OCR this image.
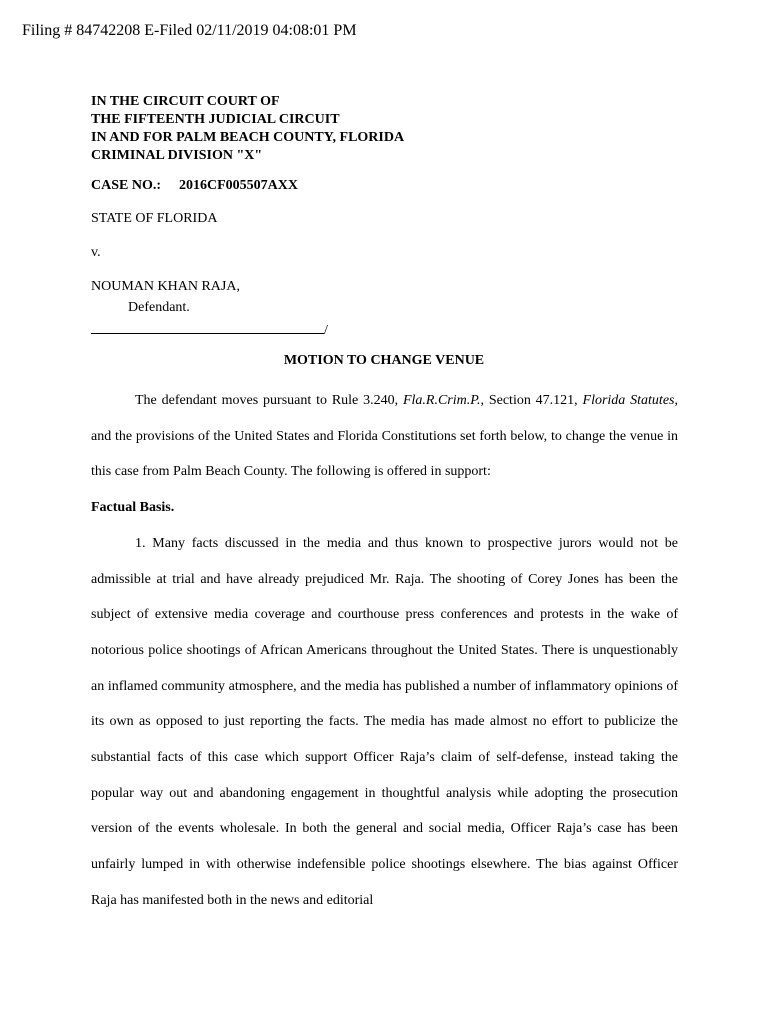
Filing # 84742208 E-Filed 02/11/2019 04:08:01 PM
IN THE CIRCUIT COURT OF
THE FIFTEENTH JUDICIAL CIRCUIT
IN AND FOR PALM BEACH COUNTY, FLORIDA
CRIMINAL DIVISION "X"
CASE NO.: 2016CF005507AXX
STATE OF FLORIDA
v.
NOUMAN KHAN RAJA,
Defendant.
/
MOTION TO CHANGE VENUE

The defendant moves pursuant to Rule 3.240, Fla.R.Crim.P., Section 47.121, Florida Statutes, and the provisions of the United States and Florida Constitutions set forth below, to change the venue in this case from Palm Beach County. The following is offered in support:

Factual Basis.

1. Many facts discussed in the media and thus known to prospective jurors would not be admissible at trial and have already prejudiced Mr. Raja. The shooting of Corey Jones has been the subject of extensive media coverage and courthouse press conferences and protests in the wake of notorious police shootings of African Americans throughout the United States. There is unquestionably an inflamed community atmosphere, and the media has published a number of inflammatory opinions of its own as opposed to just reporting the facts. The media has made almost no effort to publicize the substantial facts of this case which support Officer Raja’s claim of self-defense, instead taking the popular way out and abandoning engagement in thoughtful analysis while adopting the prosecution version of the events wholesale. In both the general and social media, Officer Raja’s case has been unfairly lumped in with otherwise indefensible police shootings elsewhere. The bias against Officer Raja has manifested both in the news and editorial
